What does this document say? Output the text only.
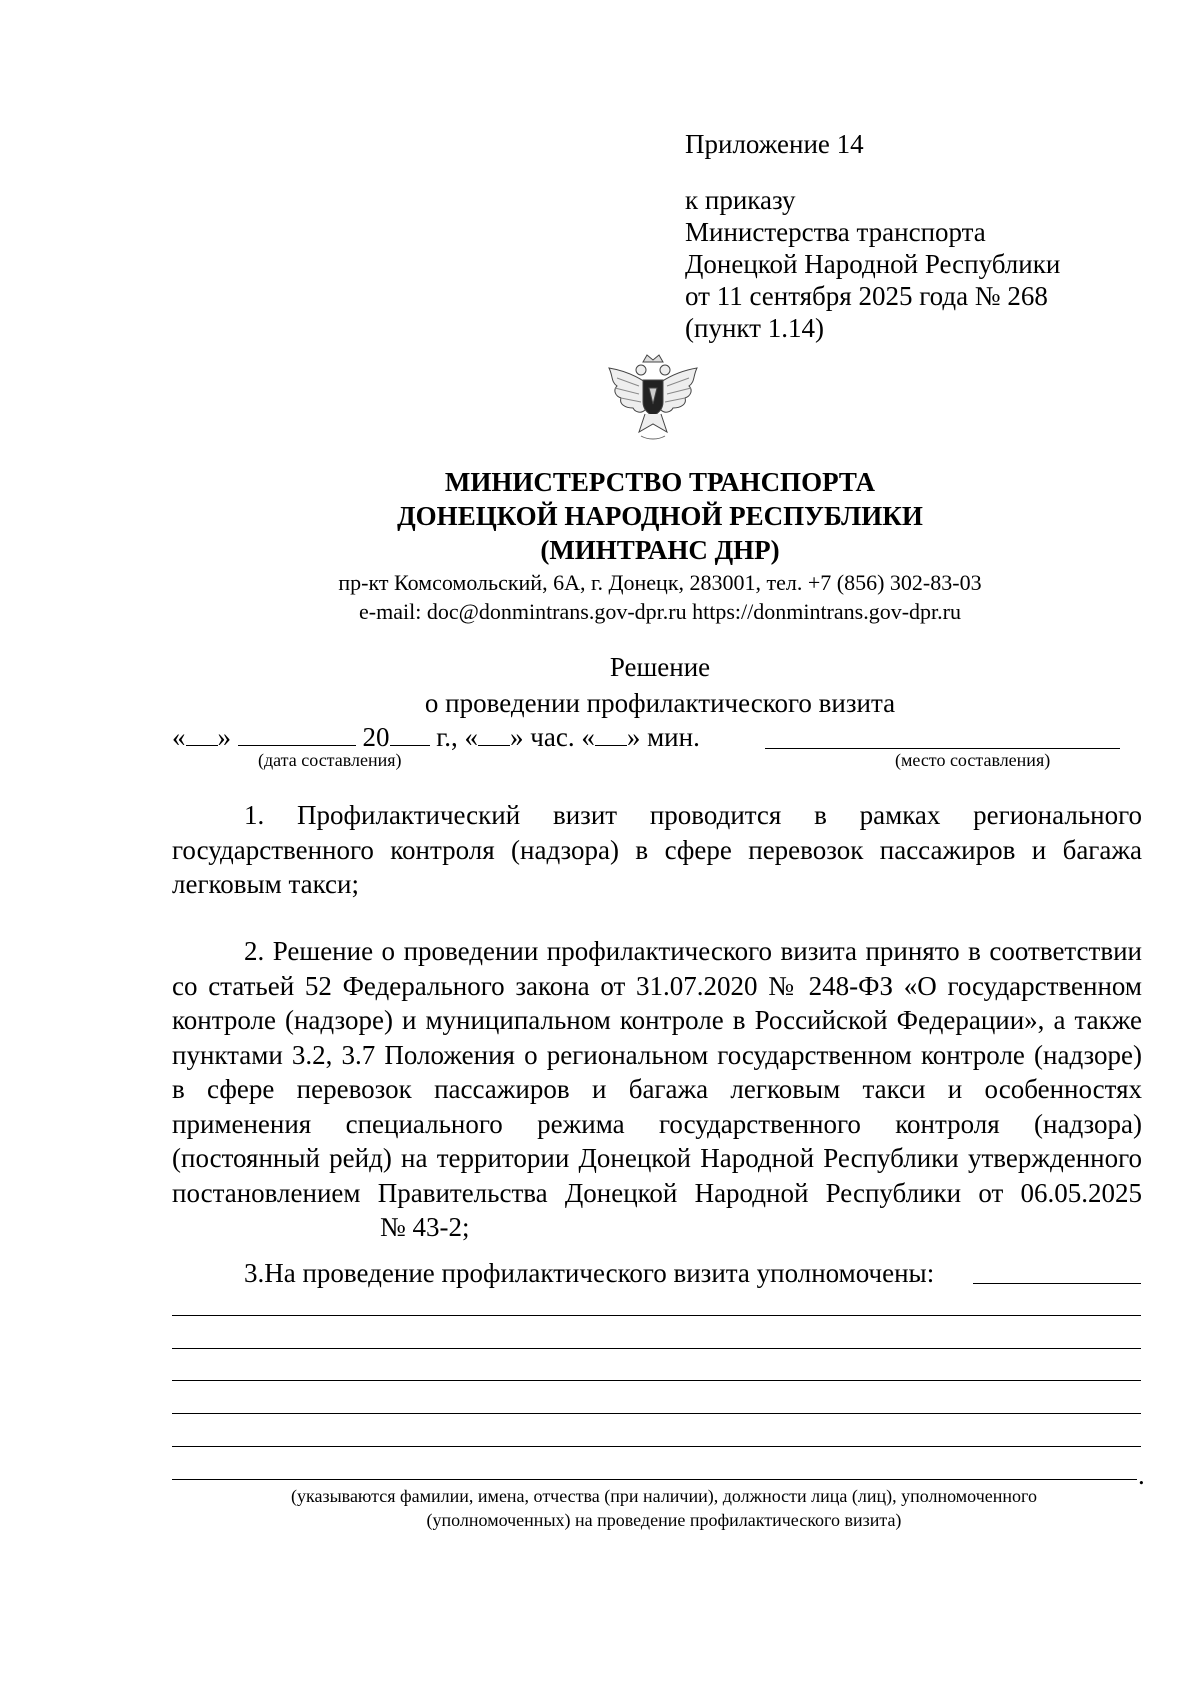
Приложение 14
к приказу
Министерства транспорта
Донецкой Народной Республики
от 11 сентября 2025 года № 268
(пункт 1.14)
МИНИСТЕРСТВО ТРАНСПОРТА
ДОНЕЦКОЙ НАРОДНОЙ РЕСПУБЛИКИ
(МИНТРАНС ДНР)
пр-кт Комсомольский, 6А, г. Донецк, 283001, тел. +7 (856) 302-83-03
e-mail: doc@donmintrans.gov-dpr.ru https://donmintrans.gov-dpr.ru
Решение
о проведении профилактического визита
« »	20 г., « » час. « » мин.
(дата составления)	(место составления)
1. Профилактический визит проводится в рамках регионального государственного контроля (надзора) в сфере перевозок пассажиров и багажа легковым такси;
2. Решение о проведении профилактического визита принято в соответствии со статьей 52 Федерального закона от 31.07.2020 № 248-ФЗ «О государственном контроле (надзоре) и муниципальном контроле в Российской Федерации», а также пунктами 3.2, 3.7 Положения о региональном государственном контроле (надзоре) в сфере перевозок пассажиров и багажа легковым такси и особенностях применения специального режима государственного контроля (надзора) (постоянный рейд) на территории Донецкой Народной Республики утвержденного постановлением Правительства Донецкой Народной Республики от 06.05.2025№ 43-2;
3.На проведение профилактического визита уполномочены:
.
(указываются фамилии, имена, отчества (при наличии), должности лица (лиц), уполномоченного
(уполномоченных) на проведение профилактического визита)
